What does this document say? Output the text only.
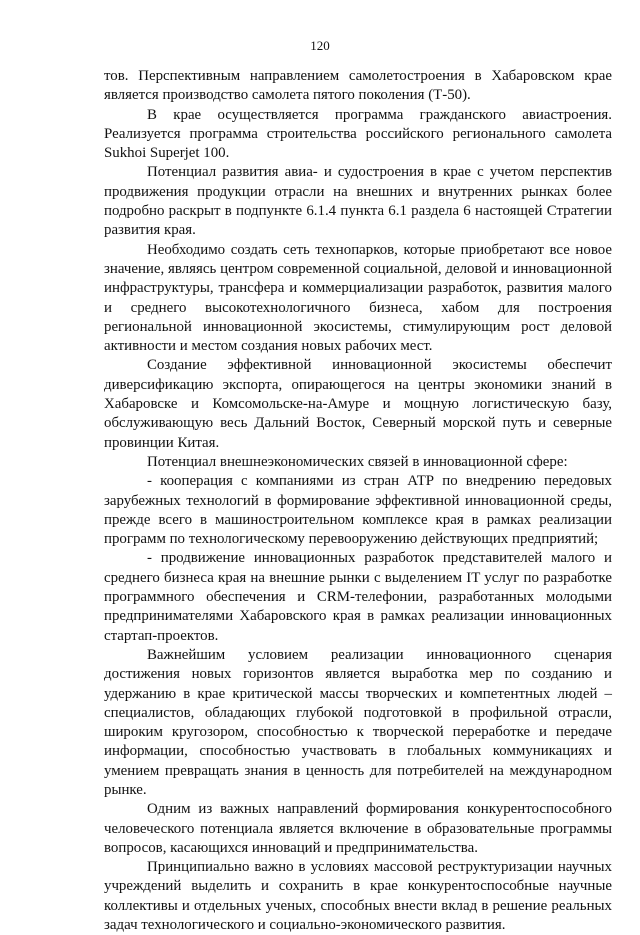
120

тов. Перспективным направлением самолетостроения в Хабаровском крае является производство самолета пятого поколения (Т-50).

В крае осуществляется программа гражданского авиастроения. Реализуется программа строительства российского регионального самолета Sukhoi Superjet 100.

Потенциал развития авиа- и судостроения в крае с учетом перспектив продвижения продукции отрасли на внешних и внутренних рынках более подробно раскрыт в подпункте 6.1.4 пункта 6.1 раздела 6 настоящей Стратегии развития края.

Необходимо создать сеть технопарков, которые приобретают все новое значение, являясь центром современной социальной, деловой и инновационной инфраструктуры, трансфера и коммерциализации разработок, развития малого и среднего высокотехнологичного бизнеса, хабом для построения региональной инновационной экосистемы, стимулирующим рост деловой активности и местом создания новых рабочих мест.

Создание эффективной инновационной экосистемы обеспечит диверсификацию экспорта, опирающегося на центры экономики знаний в Хабаровске и Комсомольске-на-Амуре и мощную логистическую базу, обслуживающую весь Дальний Восток, Северный морской путь и северные провинции Китая.

Потенциал внешнеэкономических связей в инновационной сфере:

- кооперация с компаниями из стран АТР по внедрению передовых зарубежных технологий в формирование эффективной инновационной среды, прежде всего в машиностроительном комплексе края в рамках реализации программ по технологическому перевооружению действующих предприятий;

- продвижение инновационных разработок представителей малого и среднего бизнеса края на внешние рынки с выделением IT услуг по разработке программного обеспечения и CRM-телефонии, разработанных молодыми предпринимателями Хабаровского края в рамках реализации инновационных стартап-проектов.

Важнейшим условием реализации инновационного сценария достижения новых горизонтов является выработка мер по созданию и удержанию в крае критической массы творческих и компетентных людей – специалистов, обладающих глубокой подготовкой в профильной отрасли, широким кругозором, способностью к творческой переработке и передаче информации, способностью участвовать в глобальных коммуникациях и умением превращать знания в ценность для потребителей на международном рынке.

Одним из важных направлений формирования конкурентоспособного человеческого потенциала является включение в образовательные программы вопросов, касающихся инноваций и предпринимательства.

Принципиально важно в условиях массовой реструктуризации научных учреждений выделить и сохранить в крае конкурентоспособные научные коллективы и отдельных ученых, способных внести вклад в решение реальных задач технологического и социально-экономического развития.
